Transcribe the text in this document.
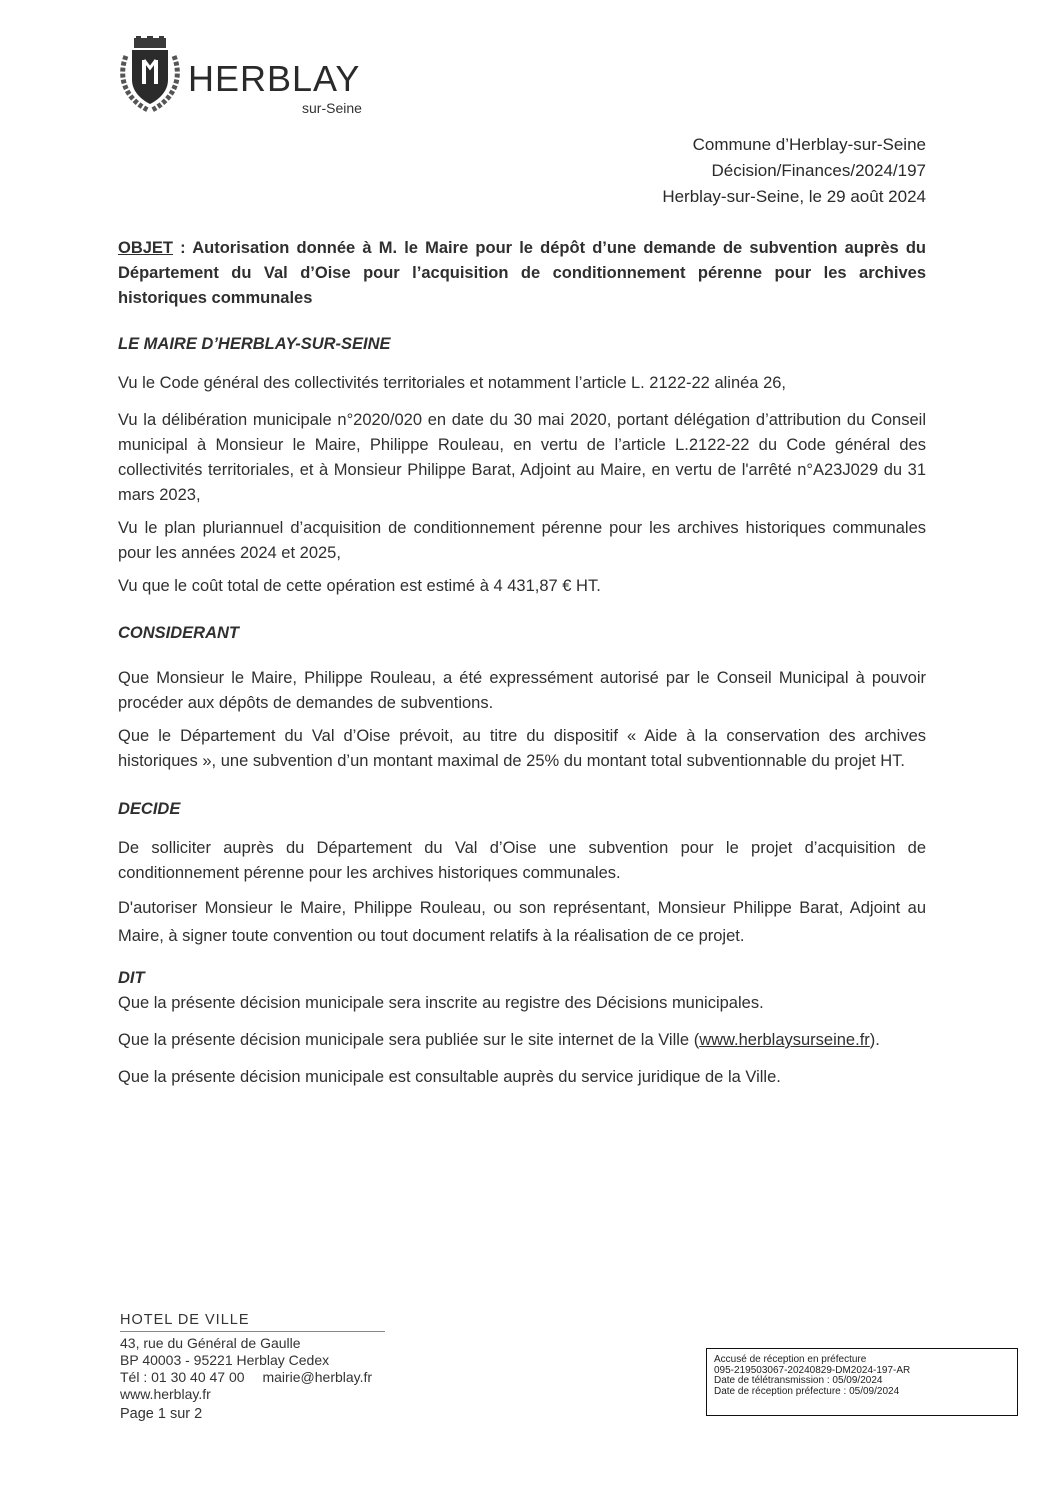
HERBLAY
sur-Seine
Commune d’Herblay-sur-Seine
Décision/Finances/2024/197
Herblay-sur-Seine, le 29 août 2024

OBJET : Autorisation donnée à M. le Maire pour le dépôt d’une demande de subvention auprès du Département du Val d’Oise pour l’acquisition de conditionnement pérenne pour les archives historiques communales

LE MAIRE D’HERBLAY-SUR-SEINE

Vu le Code général des collectivités territoriales et notamment l’article L. 2122-22 alinéa 26,

Vu la délibération municipale n°2020/020 en date du 30 mai 2020, portant délégation d’attribution du Conseil municipal à Monsieur le Maire, Philippe Rouleau, en vertu de l’article L.2122-22 du Code général des collectivités territoriales, et à Monsieur Philippe Barat, Adjoint au Maire, en vertu de l'arrêté n°A23J029 du 31 mars 2023,

Vu le plan pluriannuel d’acquisition de conditionnement pérenne pour les archives historiques communales pour les années 2024 et 2025,

Vu que le coût total de cette opération est estimé à 4 431,87 € HT.

CONSIDERANT

Que Monsieur le Maire, Philippe Rouleau, a été expressément autorisé par le Conseil Municipal à pouvoir procéder aux dépôts de demandes de subventions.

Que le Département du Val d’Oise prévoit, au titre du dispositif « Aide à la conservation des archives historiques », une subvention d’un montant maximal de 25% du montant total subventionnable du projet HT.

DECIDE

De solliciter auprès du Département du Val d’Oise une subvention pour le projet d’acquisition de conditionnement pérenne pour les archives historiques communales.

D'autoriser Monsieur le Maire, Philippe Rouleau, ou son représentant, Monsieur Philippe Barat, Adjoint au Maire, à signer toute convention ou tout document relatifs à la réalisation de ce projet.

DIT

Que la présente décision municipale sera inscrite au registre des Décisions municipales.

Que la présente décision municipale sera publiée sur le site internet de la Ville (www.herblaysurseine.fr).

Que la présente décision municipale est consultable auprès du service juridique de la Ville.

HOTEL DE VILLE
43, rue du Général de Gaulle
BP 40003 - 95221 Herblay Cedex
Tél : 01 30 40 47 00 mairie@herblay.fr
www.herblay.fr
Page 1 sur 2
Accusé de réception en préfecture
095-219503067-20240829-DM2024-197-AR
Date de télétransmission : 05/09/2024
Date de réception préfecture : 05/09/2024
